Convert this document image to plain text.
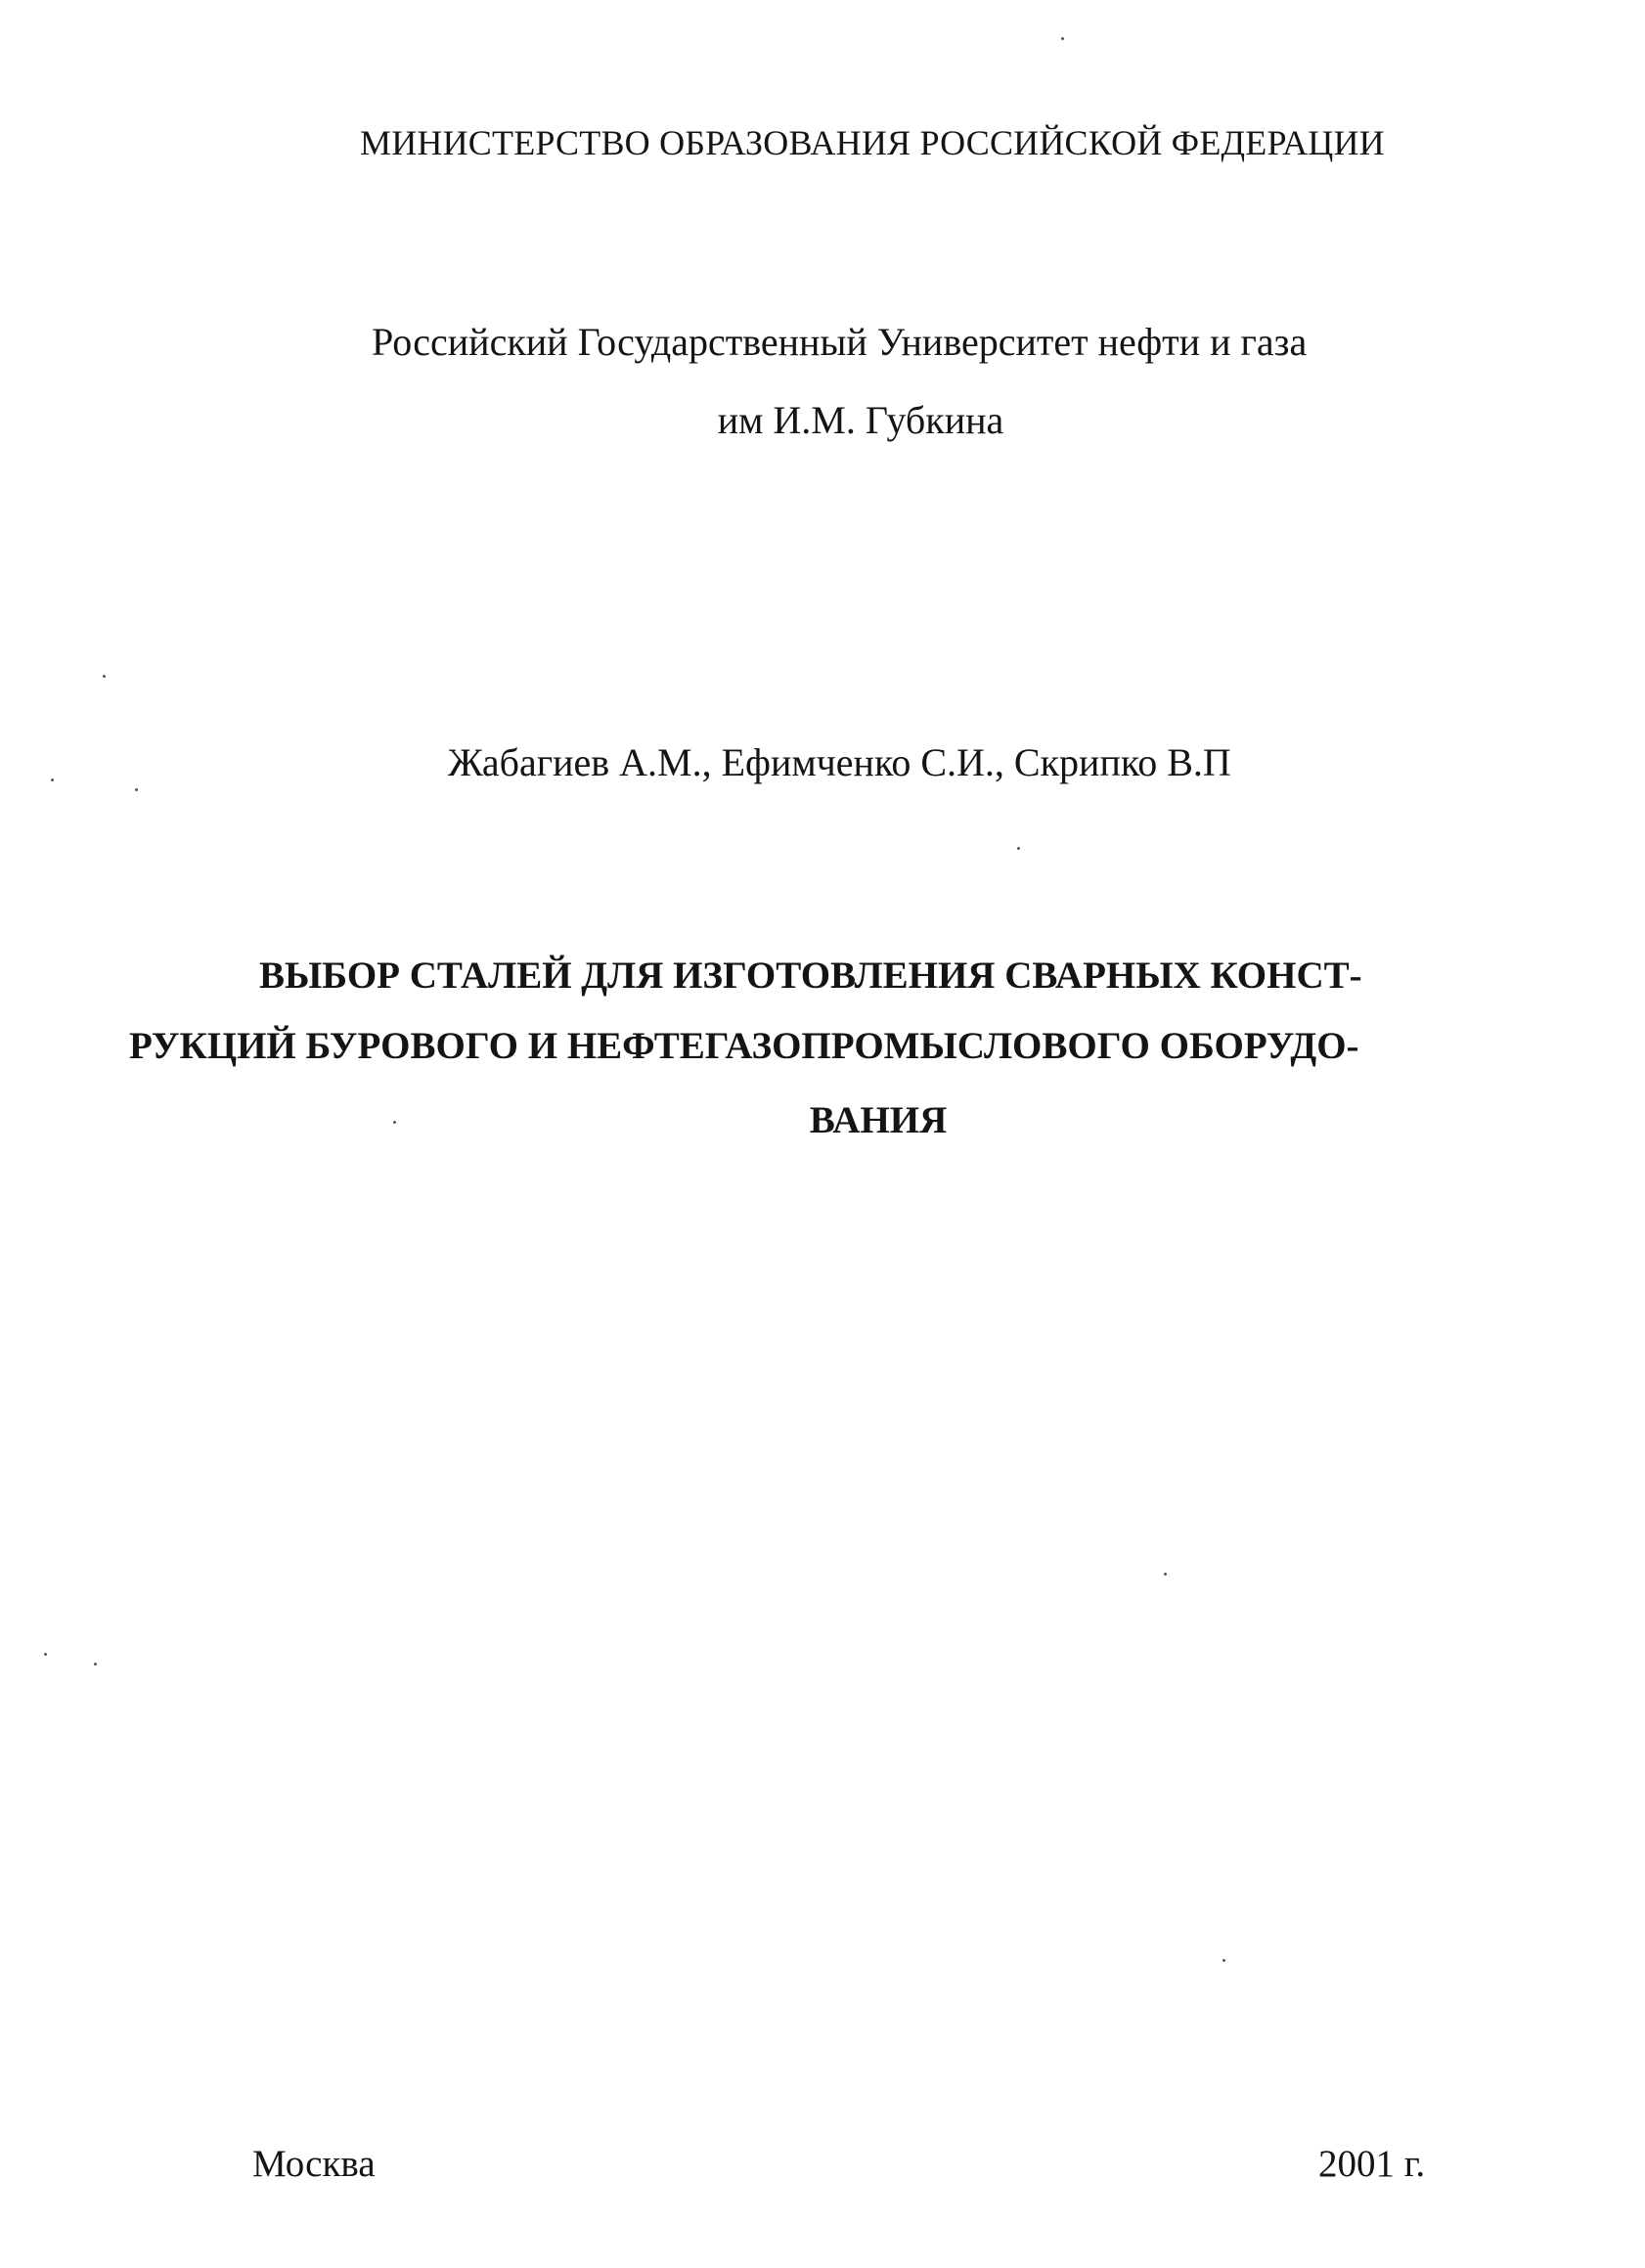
МИНИСТЕРСТВО ОБРАЗОВАНИЯ РОССИЙСКОЙ ФЕДЕРАЦИИ
Российский Государственный Университет нефти и газа
им И.М. Губкина
Жабагиев А.М., Ефимченко С.И., Скрипко В.П
ВЫБОР СТАЛЕЙ ДЛЯ ИЗГОТОВЛЕНИЯ СВАРНЫХ КОНСТ-
РУКЦИЙ БУРОВОГО И НЕФТЕГАЗОПРОМЫСЛОВОГО ОБОРУДО-
ВАНИЯ
Москва	2001 г.
